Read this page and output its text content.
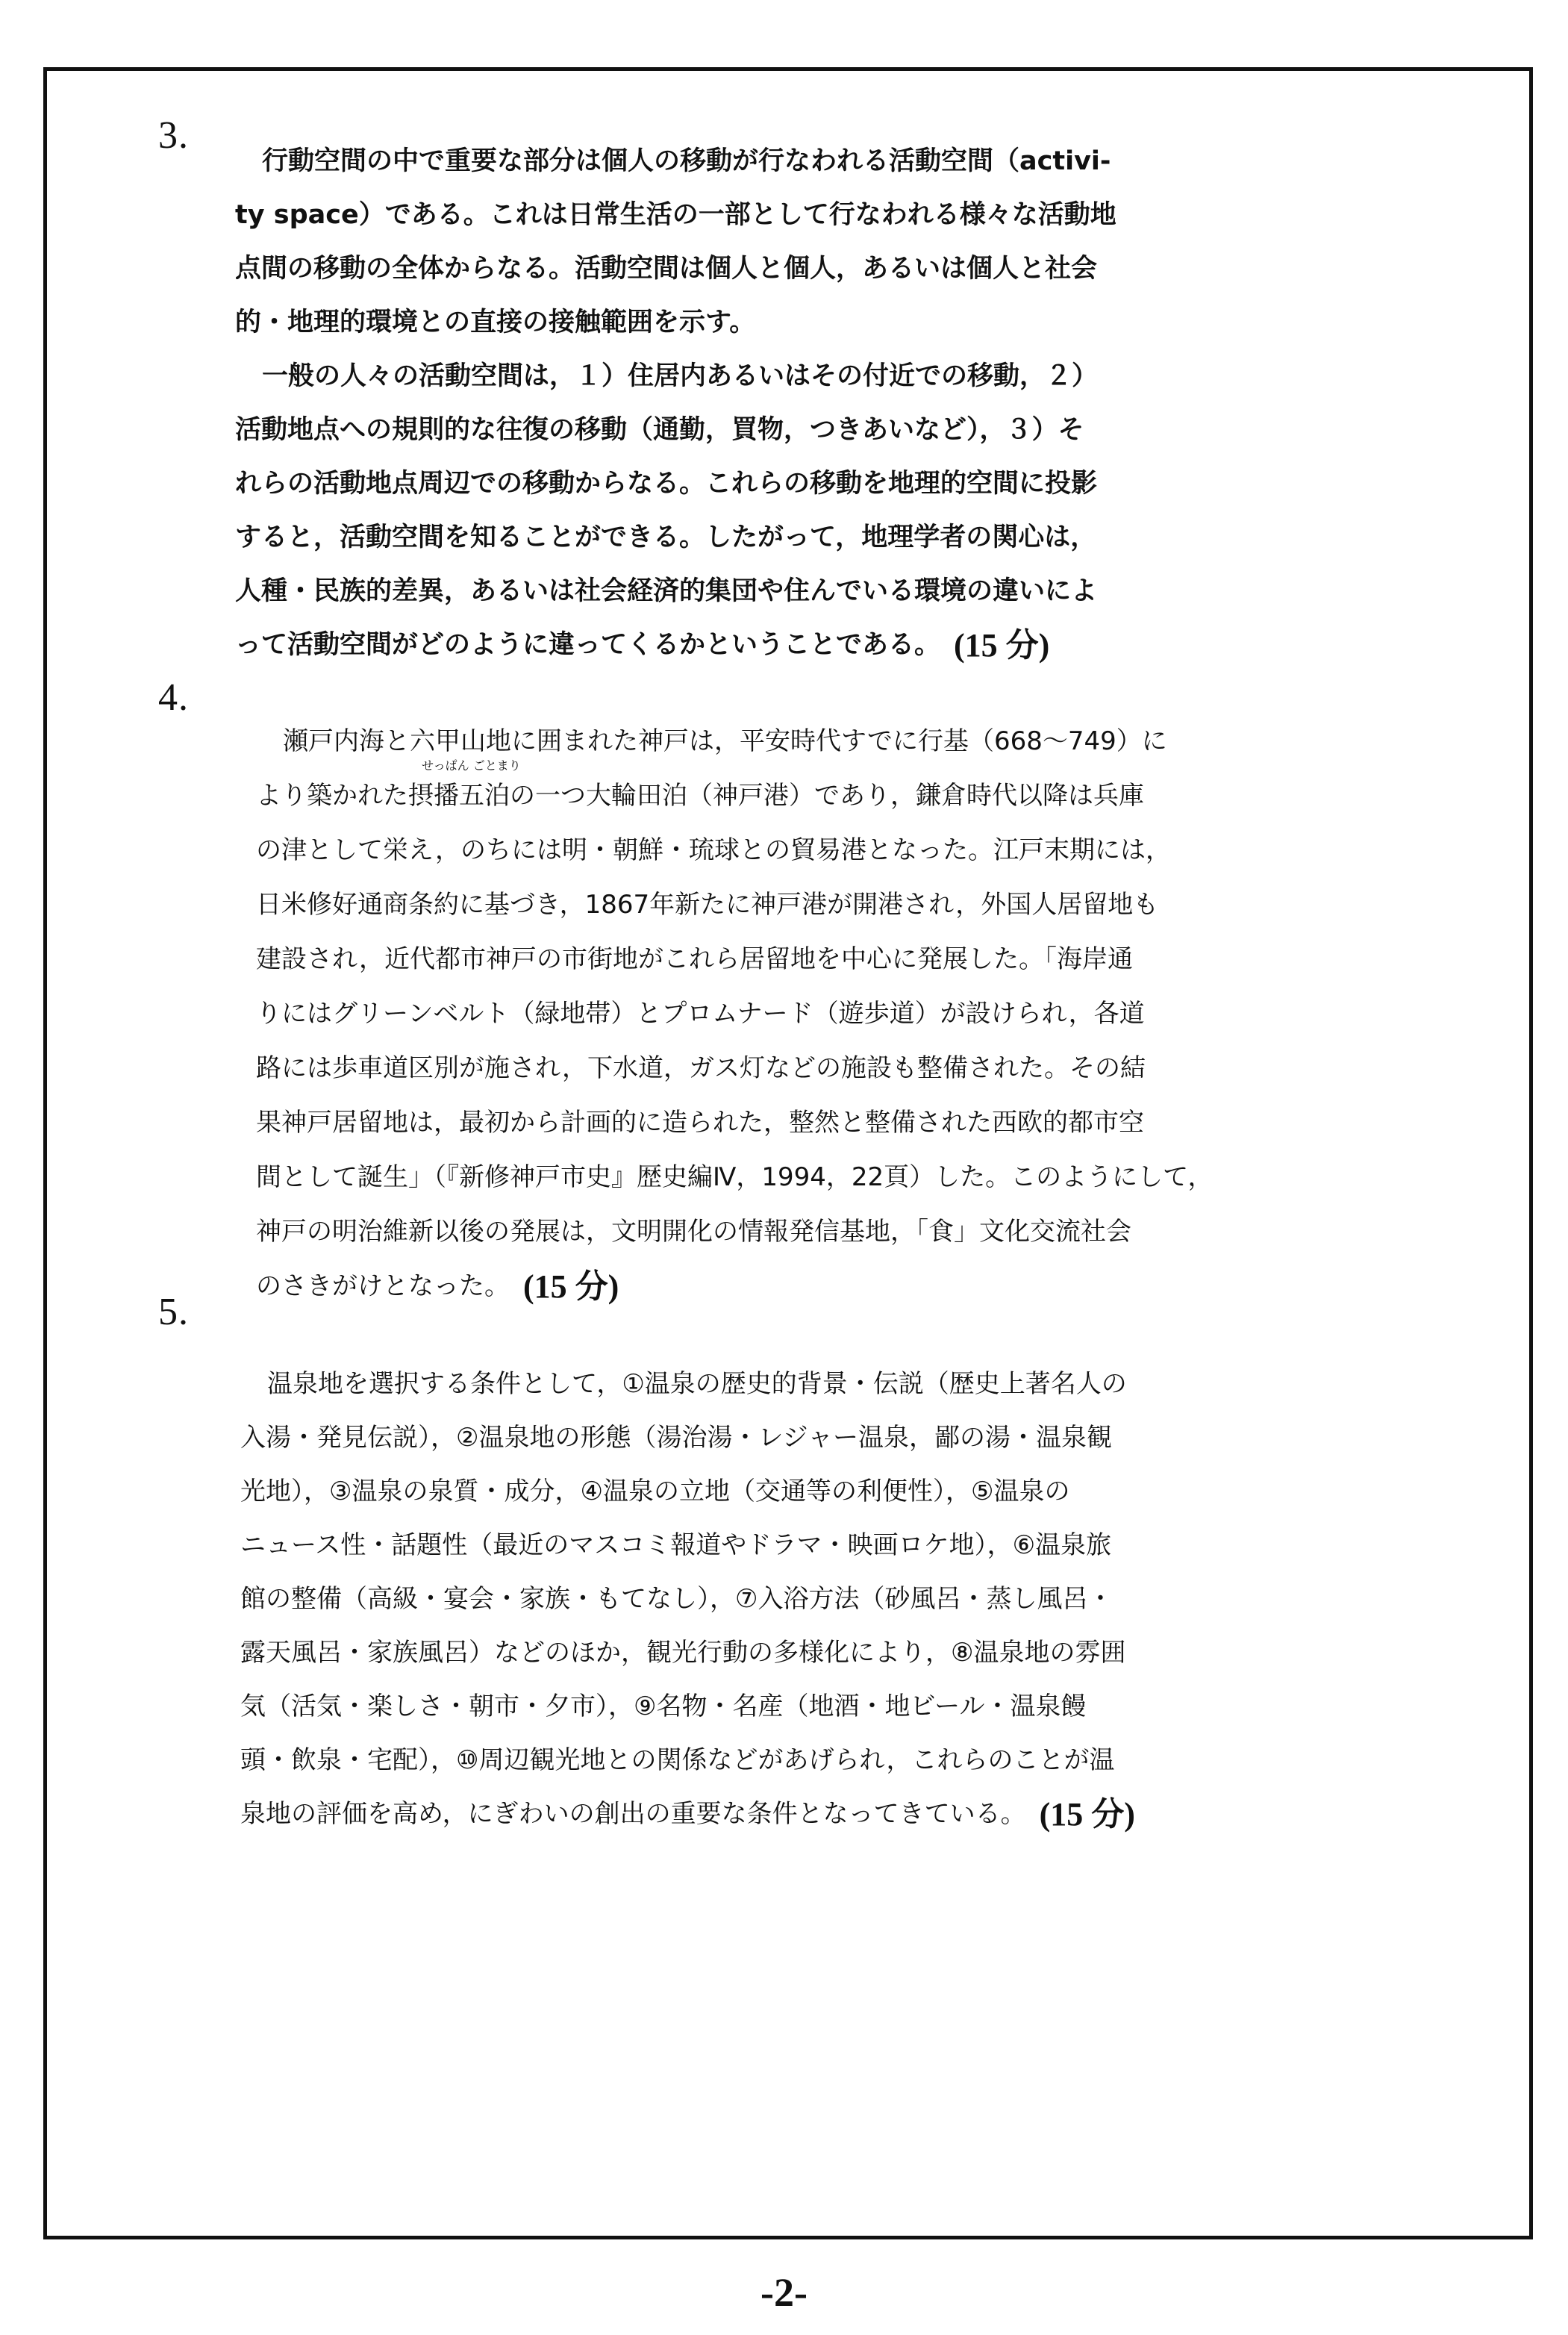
3.
行動空間の中で重要な部分は個人の移動が行なわれる活動空間（activi-
ty space）である。これは日常生活の一部として行なわれる様々な活動地
点間の移動の全体からなる。活動空間は個人と個人，あるいは個人と社会
的・地理的環境との直接の接触範囲を示す。
一般の人々の活動空間は，１）住居内あるいはその付近での移動，２）
活動地点への規則的な往復の移動（通勤，買物，つきあいなど），３）そ
れらの活動地点周辺での移動からなる。これらの移動を地理的空間に投影
すると，活動空間を知ることができる。したがって，地理学者の関心は，
人種・民族的差異，あるいは社会経済的集団や住んでいる環境の違いによ
って活動空間がどのように違ってくるかということである。 (15 分)
4.
瀬戸内海と六甲山地に囲まれた神戸は，平安時代すでに行基（668～749）に
せっぱん ごとまり
より築かれた摂播五泊の一つ大輪田泊（神戸港）であり，鎌倉時代以降は兵庫
の津として栄え，のちには明・朝鮮・琉球との貿易港となった。江戸末期には，
日米修好通商条約に基づき，1867年新たに神戸港が開港され，外国人居留地も
建設され，近代都市神戸の市街地がこれら居留地を中心に発展した。「海岸通
りにはグリーンベルト（緑地帯）とプロムナード（遊歩道）が設けられ，各道
路には歩車道区別が施され，下水道，ガス灯などの施設も整備された。その結
果神戸居留地は，最初から計画的に造られた，整然と整備された西欧的都市空
間として誕生」（『新修神戸市史』歴史編Ⅳ，1994，22頁）した。このようにして，
神戸の明治維新以後の発展は，文明開化の情報発信基地，「食」文化交流社会
のさきがけとなった。 (15 分)
5.
温泉地を選択する条件として，①温泉の歴史的背景・伝説（歴史上著名人の
入湯・発見伝説），②温泉地の形態（湯治湯・レジャー温泉，鄙の湯・温泉観
光地），③温泉の泉質・成分，④温泉の立地（交通等の利便性），⑤温泉の
ニュース性・話題性（最近のマスコミ報道やドラマ・映画ロケ地），⑥温泉旅
館の整備（高級・宴会・家族・もてなし），⑦入浴方法（砂風呂・蒸し風呂・
露天風呂・家族風呂）などのほか，観光行動の多様化により，⑧温泉地の雰囲
気（活気・楽しさ・朝市・夕市），⑨名物・名産（地酒・地ビール・温泉饅
頭・飲泉・宅配），⑩周辺観光地との関係などがあげられ，これらのことが温
泉地の評価を高め，にぎわいの創出の重要な条件となってきている。 (15 分)
-2-
